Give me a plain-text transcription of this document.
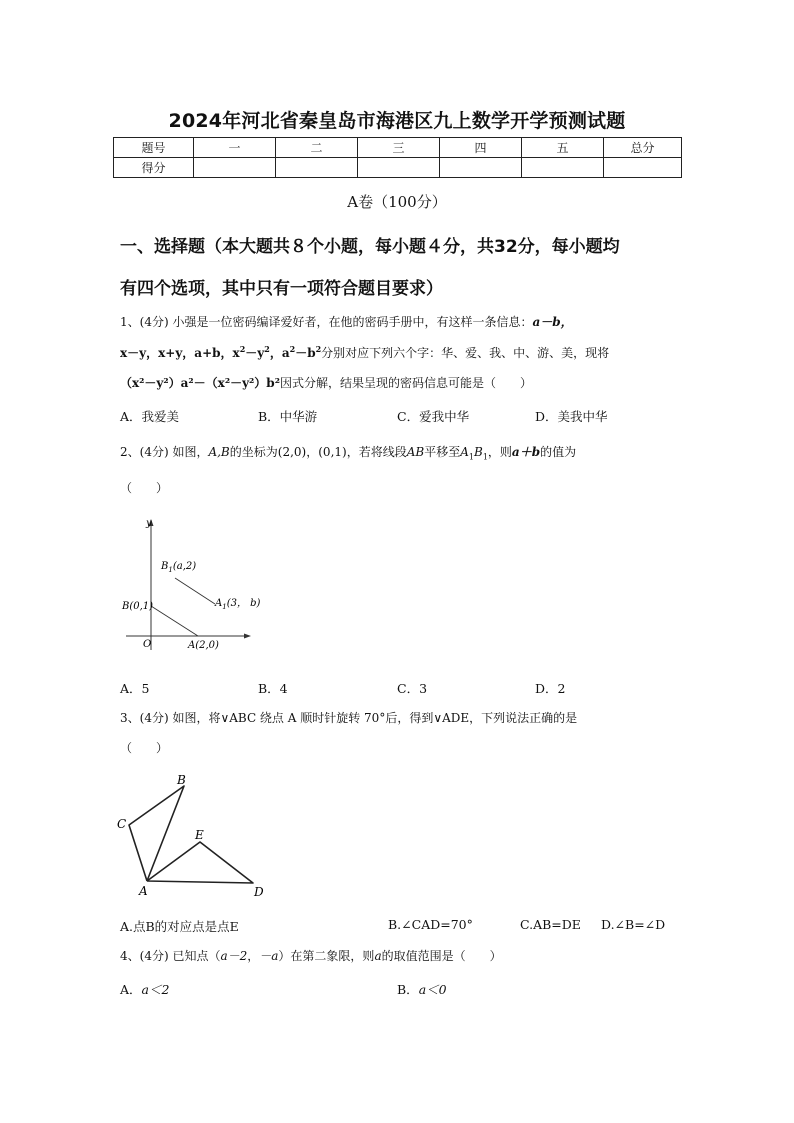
2024年河北省秦皇岛市海港区九上数学开学预测试题
题号	一	二	三	四	五	总分
得分						
A卷（100分）
一、选择题（本大题共８个小题，每小题４分，共32分，每小题均
有四个选项，其中只有一项符合题目要求）
1、(4分) 小强是一位密码编译爱好者，在他的密码手册中，有这样一条信息：a－b，
x－y，x+y，a+b，$x^2-y^2$，$a^2-b^2$分别对应下列六个字：华、爱、我、中、游、美，现将
（x²－y²）a²－（x²－y²）b²因式分解，结果呈现的密码信息可能是（　　）
A．我爱美	B．中华游	C．爱我中华	D．美我中华
2、(4分) 如图，A,B的坐标为(2,0)，(0,1)，若将线段AB平移至$A_1B_1$，则a＋b的值为
（　　）
y
O
$B_1(a,2)$
$A_1(3$， b)
B(0,1)
A(2,0)
A．5	B．4	C．3	D．2
3、(4分) 如图，将∨ABC 绕点 A 顺时针旋转 70°后，得到∨ADE，下列说法正确的是
（　　）
B
C
E
A	D
A.点B的对应点是点E	B.∠CAD=70°	C.AB=DE D.∠B=∠D
4、(4分) 已知点（a－2，－a）在第二象限，则a的取值范围是（　　）
A．a＜2	B．a＜0
